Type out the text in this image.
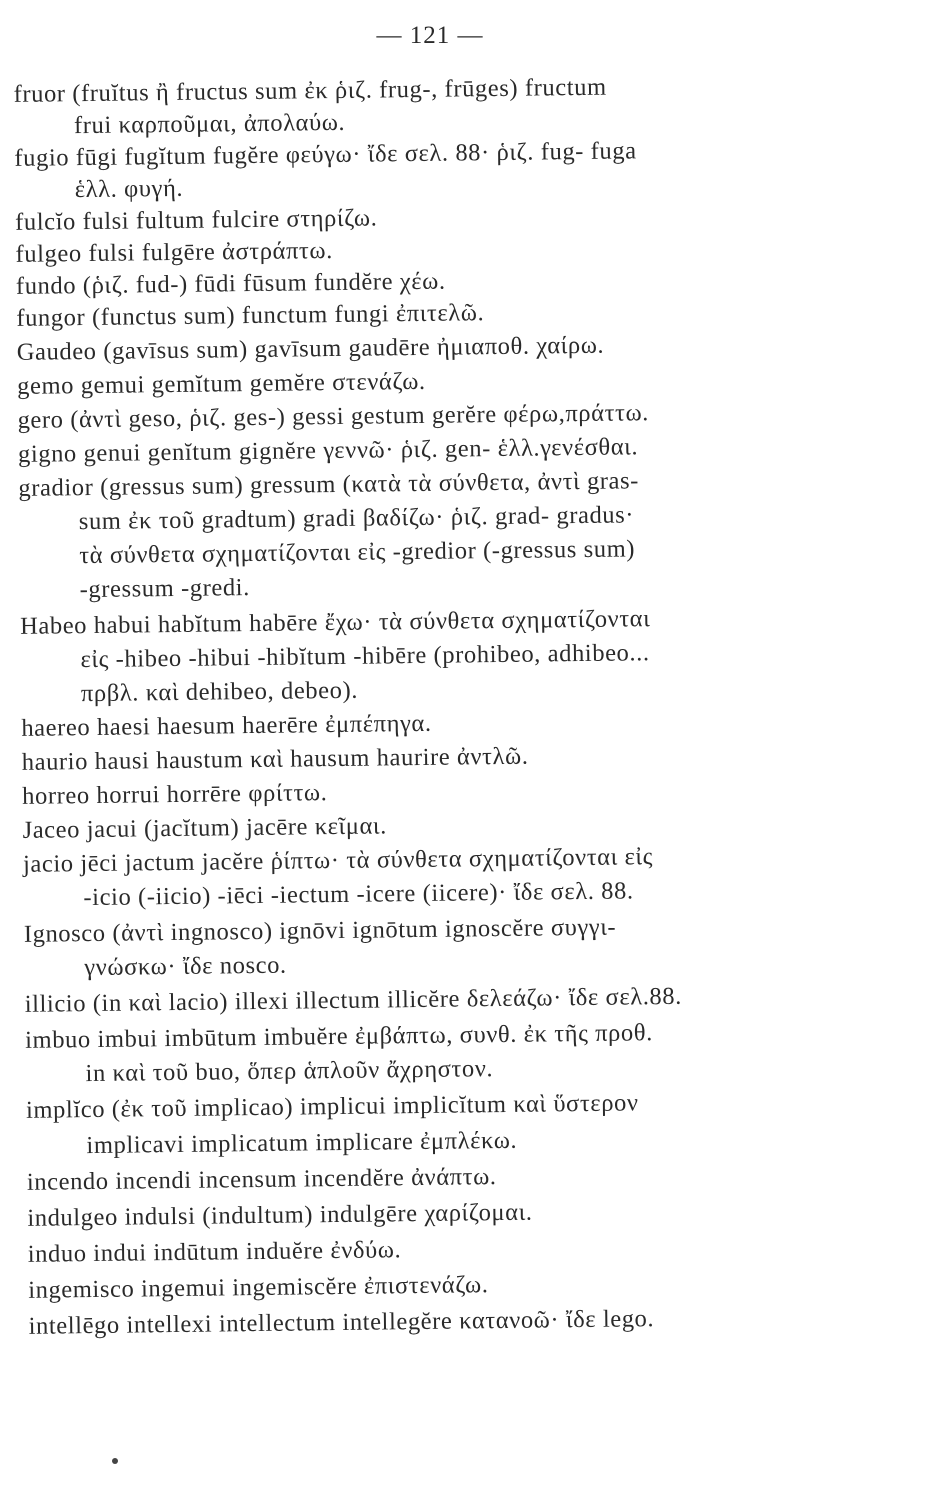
— 121 —
fruor (fruĭtus ἢ fructus sum ἐκ ῥιζ. frug-, frūges) fructum
frui καρποῦμαι, ἀπολαύω.
fugio fūgi fugĭtum fugĕre φεύγω· ἴδε σελ. 88· ῥιζ. fug- fuga
ἑλλ. φυγή.
fulcĭo fulsi fultum fulcire στηρίζω.
fulgeo fulsi fulgēre ἀστράπτω.
fundo (ῥιζ. fud-) fūdi fūsum fundĕre χέω.
fungor (functus sum) functum fungi ἐπιτελῶ.
Gaudeo (gavīsus sum) gavīsum gaudēre ἠμιαποθ. χαίρω.
gemo gemui gemĭtum gemĕre στενάζω.
gero (ἀντὶ geso, ῥιζ. ges-) gessi gestum gerĕre φέρω,πράττω.
gigno genui genĭtum gignĕre γεννῶ· ῥιζ. gen- ἑλλ.γενέσθαι.
gradior (gressus sum) gressum (κατὰ τὰ σύνθετα, ἀντὶ gras-
sum ἐκ τοῦ gradtum) gradi βαδίζω· ῥιζ. grad- gradus·
τὰ σύνθετα σχηματίζονται εἰς -gredior (-gressus sum)
-gressum -gredi.
Habeo habui habĭtum habēre ἔχω· τὰ σύνθετα σχηματίζονται
εἰς -hibeo -hibui -hibĭtum -hibēre (prohibeo, adhibeo...
πρβλ. καὶ dehibeo, debeo).
haereo haesi haesum haerēre ἐμπέπηγα.
haurio hausi haustum καὶ hausum haurire ἀντλῶ.
horreo horrui horrēre φρίττω.
Jaceo jacui (jacĭtum) jacēre κεῖμαι.
jacio jēci jactum jacĕre ῥίπτω· τὰ σύνθετα σχηματίζονται εἰς
-icio (-iicio) -iēci -iectum -icere (iicere)· ἴδε σελ. 88.
Ignosco (ἀντὶ ingnosco) ignōvi ignōtum ignoscĕre συγγι-
γνώσκω· ἴδε nosco.
illicio (in καὶ lacio) illexi illectum illicĕre δελεάζω· ἴδε σελ.88.
imbuo imbui imbūtum imbuĕre ἐμβάπτω, συνθ. ἐκ τῆς προθ.
in καὶ τοῦ buo, ὅπερ ἁπλοῦν ἄχρηστον.
implĭco (ἐκ τοῦ implicao) implicui implicĭtum καὶ ὕστερον
implicavi implicatum implicare ἐμπλέκω.
incendo incendi incensum incendĕre ἀνάπτω.
indulgeo indulsi (indultum) indulgēre χαρίζομαι.
induo indui indūtum induĕre ἐνδύω.
ingemisco ingemui ingemiscĕre ἐπιστενάζω.
intellēgo intellexi intellectum intellegĕre κατανοῶ· ἴδε lego.
